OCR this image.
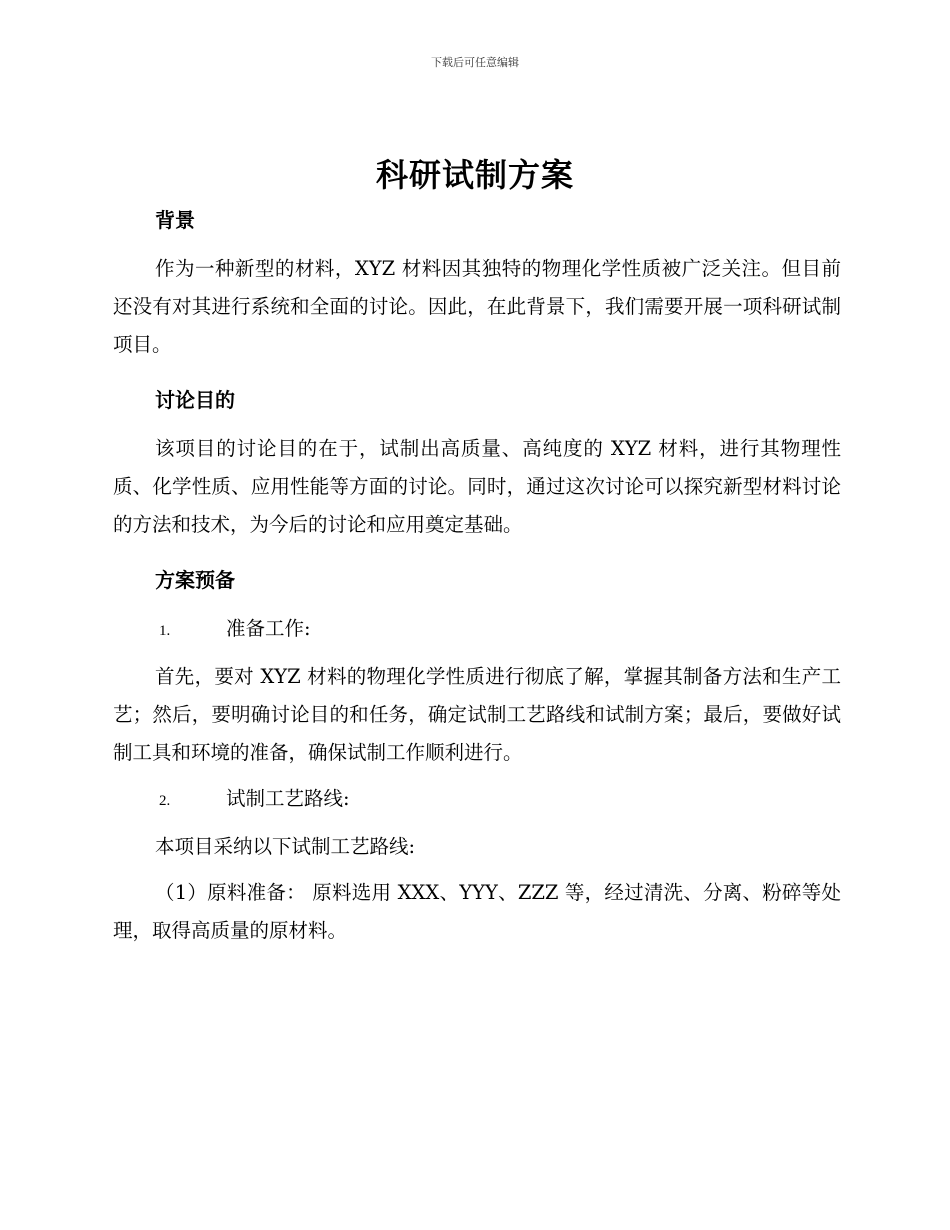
下载后可任意编辑
科研试制方案
背景

作为一种新型的材料，XYZ 材料因其独特的物理化学性质被广泛关注。但目前还没有对其进行系统和全面的讨论。因此，在此背景下，我们需要开展一项科研试制项目。

讨论目的

该项目的讨论目的在于，试制出高质量、高纯度的 XYZ 材料，进行其物理性质、化学性质、应用性能等方面的讨论。同时，通过这次讨论可以探究新型材料讨论的方法和技术，为今后的讨论和应用奠定基础。

方案预备
1.	准备工作:

首先，要对 XYZ 材料的物理化学性质进行彻底了解，掌握其制备方法和生产工艺；然后，要明确讨论目的和任务，确定试制工艺路线和试制方案；最后，要做好试制工具和环境的准备，确保试制工作顺利进行。

2.	试制工艺路线:

本项目采纳以下试制工艺路线:

（1）原料准备： 原料选用 XXX、YYY、ZZZ 等，经过清洗、分离、粉碎等处理，取得高质量的原材料。
